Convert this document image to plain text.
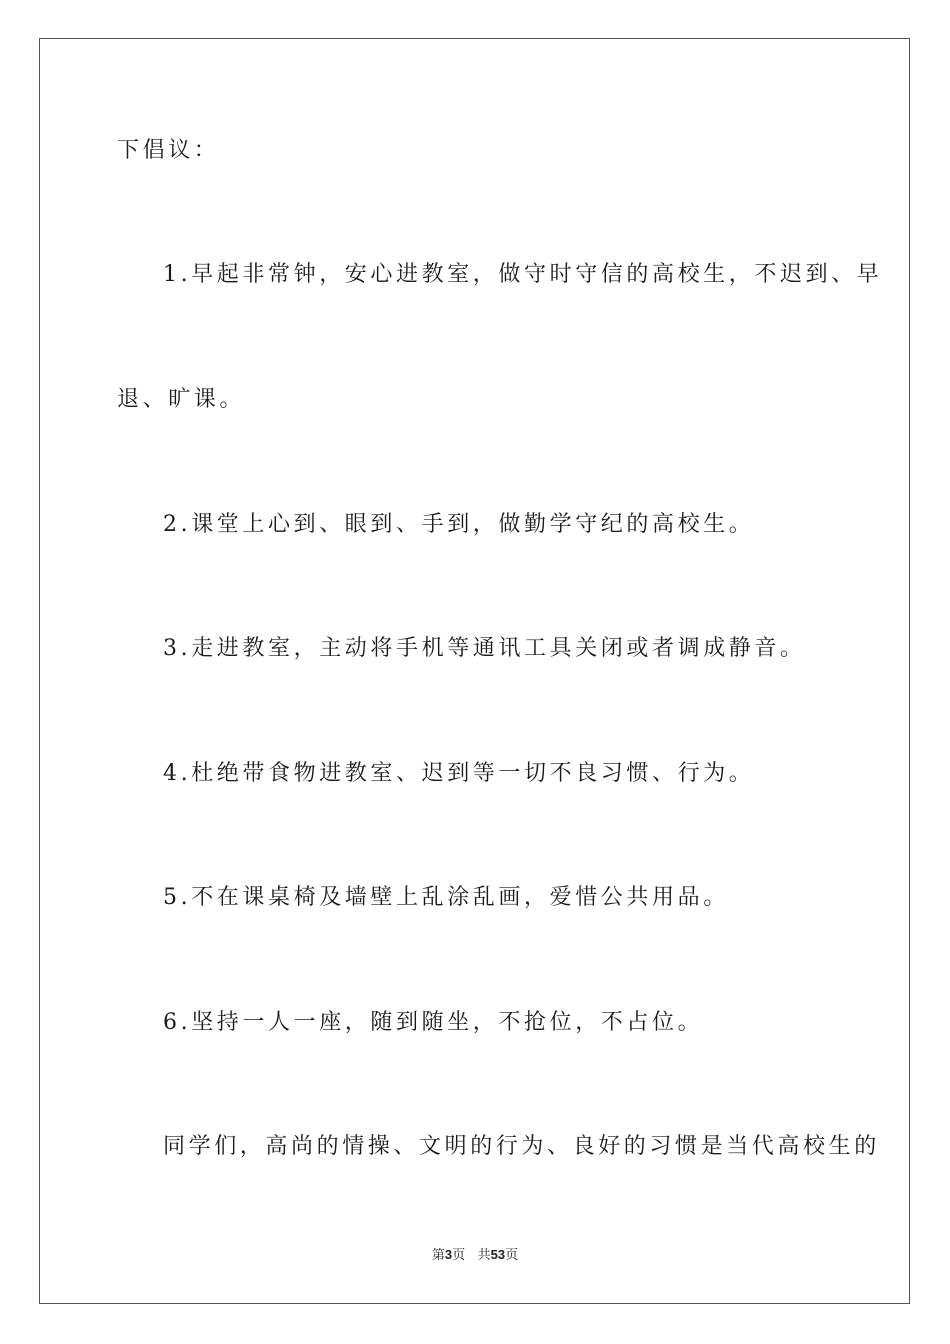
下倡议：
1.早起非常钟，安心进教室，做守时守信的高校生，不迟到、早
退、旷课。
2.课堂上心到、眼到、手到，做勤学守纪的高校生。
3.走进教室，主动将手机等通讯工具关闭或者调成静音。
4.杜绝带食物进教室、迟到等一切不良习惯、行为。
5.不在课桌椅及墙壁上乱涂乱画，爱惜公共用品。
6.坚持一人一座，随到随坐，不抢位，不占位。
同学们，高尚的情操、文明的行为、良好的习惯是当代高校生的
第3页 共53页
